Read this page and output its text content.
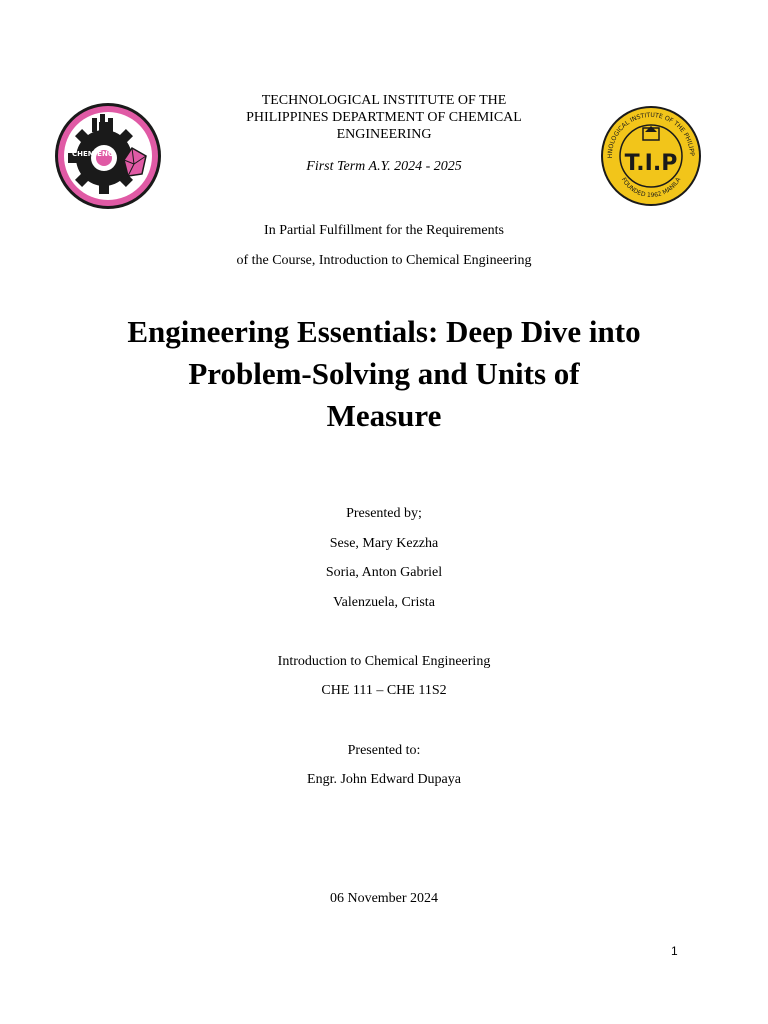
CHEM ENG	HNOLOGICAL INSTITUTE OF THE PHILIPP
FOUNDED 1962 MANILA
T.I.P
TECHNOLOGICAL INSTITUTE OF THE
PHILIPPINES DEPARTMENT OF CHEMICAL
ENGINEERING
First Term A.Y. 2024 - 2025
In Partial Fulfillment for the Requirements
of the Course, Introduction to Chemical Engineering
Engineering Essentials: Deep Dive into
Problem-Solving and Units of
Measure
Presented by;
Sese, Mary Kezzha
Soria, Anton Gabriel
Valenzuela, Crista
Introduction to Chemical Engineering
CHE 111 – CHE 11S2
Presented to:
Engr. John Edward Dupaya
06 November 2024
1
